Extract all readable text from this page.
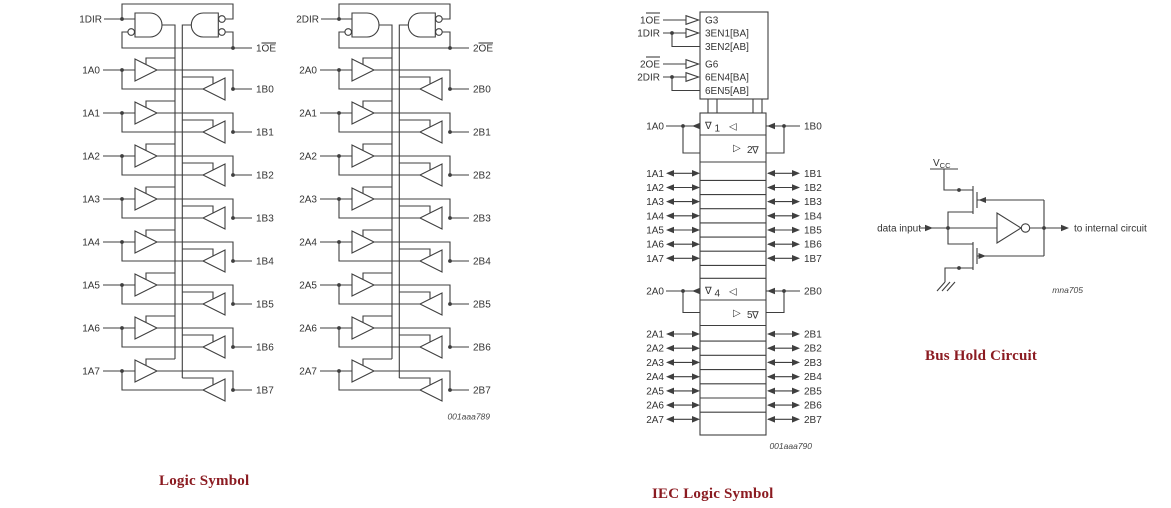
001aaa789
1DIR
1OE
1A0
1B0
1A1
1B1
1A2
1B2
1A3
1B3
1A4
1B4
1A5
1B5
1A6
1B6
1A7
1B7
2DIR
2OE
2A0
2B0
2A1
2B1
2A2
2B2
2A3
2B3
2A4
2B4
2A5
2B5
2A6
2B6
2A7
2B7
G3
3EN1[BA]
3EN2[AB]
G6
6EN4[BA]
6EN5[AB]
001aaa790
1OE
1DIR
2OE
2DIR
∇ 1 ◁
▷ 2 ∇
1A0	1B0
1A1	1B1
1A2	1B2
1A3	1B3
1A4	1B4
1A5	1B5
1A6	1B6
1A7	1B7
∇ 4 ◁
▷ 5 ∇
2A0	2B0
2A1	2B1
2A2	2B2
2A3	2B3
2A4	2B4
2A5	2B5
2A6	2B6
2A7	2B7
$V_{CC}$
data input	to internal circuit
mna705
Logic Symbol
IEC Logic Symbol
Bus Hold Circuit
